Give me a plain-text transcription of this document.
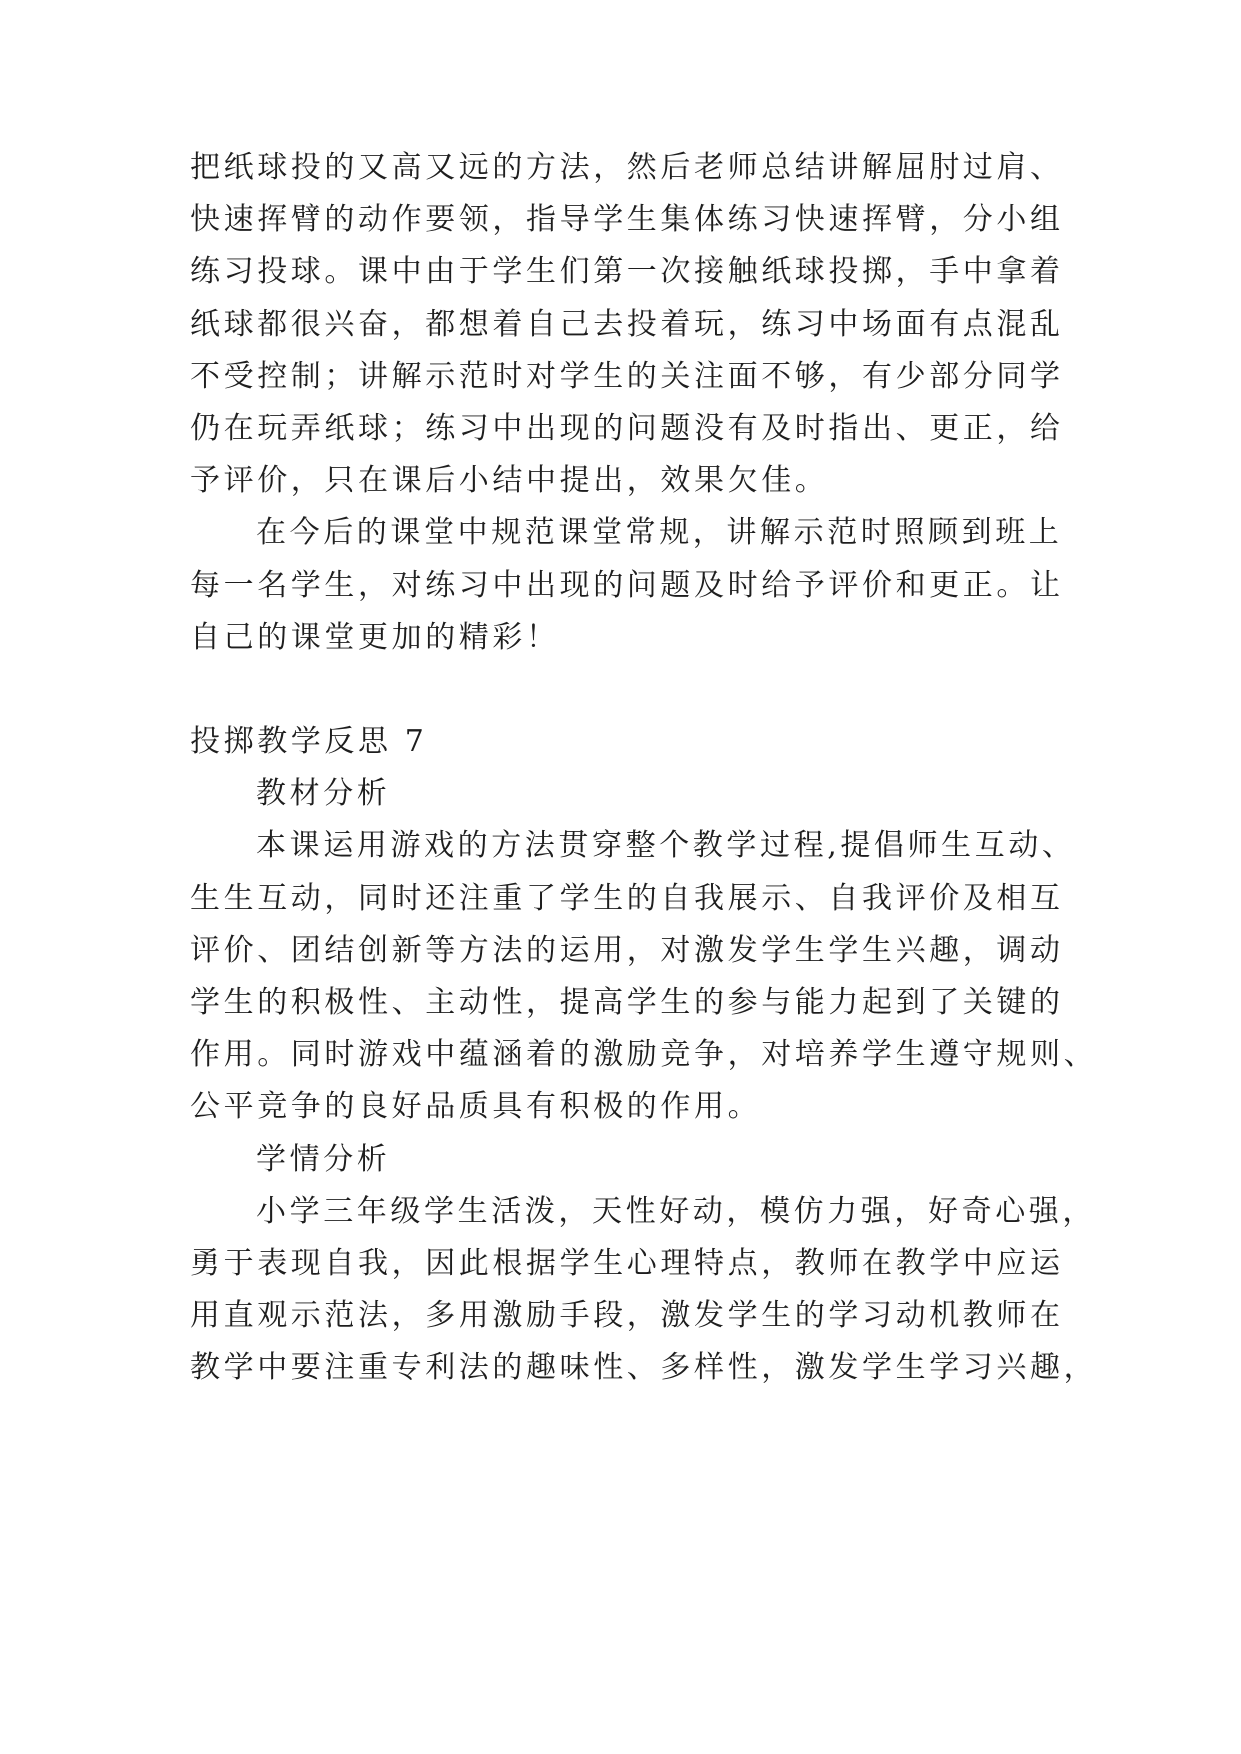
把纸球投的又高又远的方法，然后老师总结讲解屈肘过肩、
快速挥臂的动作要领，指导学生集体练习快速挥臂，分小组
练习投球。课中由于学生们第一次接触纸球投掷，手中拿着
纸球都很兴奋，都想着自己去投着玩，练习中场面有点混乱
不受控制；讲解示范时对学生的关注面不够，有少部分同学
仍在玩弄纸球；练习中出现的问题没有及时指出、更正，给
予评价，只在课后小结中提出，效果欠佳。
在今后的课堂中规范课堂常规，讲解示范时照顾到班上
每一名学生，对练习中出现的问题及时给予评价和更正。让
自己的课堂更加的精彩！
投掷教学反思 7
教材分析
本课运用游戏的方法贯穿整个教学过程,提倡师生互动、
生生互动，同时还注重了学生的自我展示、自我评价及相互
评价、团结创新等方法的运用，对激发学生学生兴趣，调动
学生的积极性、主动性，提高学生的参与能力起到了关键的
作用。同时游戏中蕴涵着的激励竞争，对培养学生遵守规则、
公平竞争的良好品质具有积极的作用。
学情分析
小学三年级学生活泼，天性好动，模仿力强，好奇心强，
勇于表现自我，因此根据学生心理特点，教师在教学中应运
用直观示范法，多用激励手段，激发学生的学习动机教师在
教学中要注重专利法的趣味性、多样性，激发学生学习兴趣，
